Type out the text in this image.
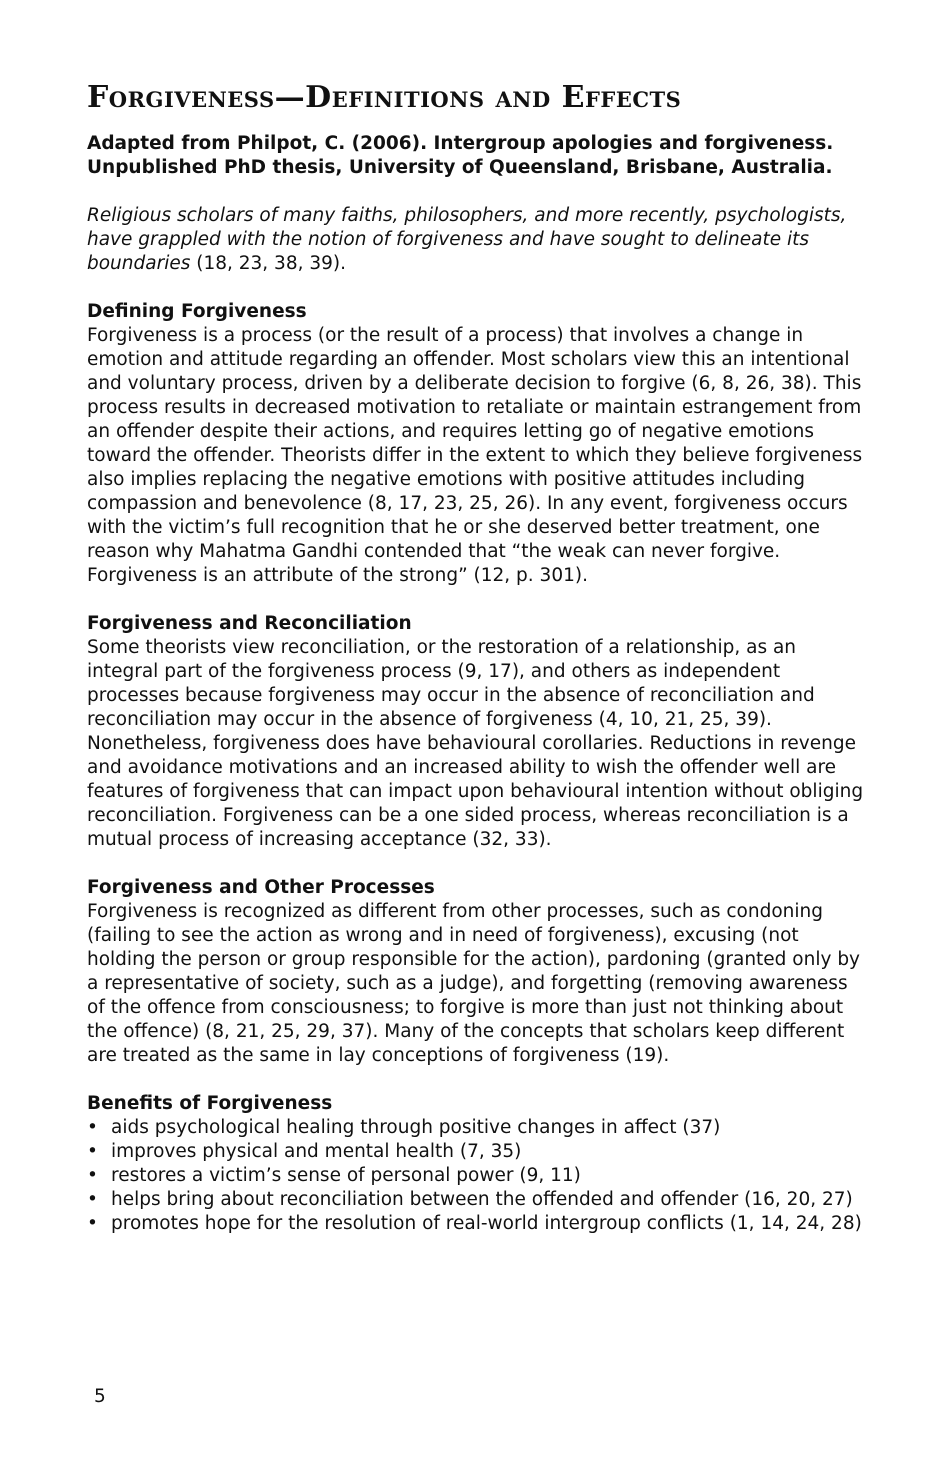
Forgiveness—Definitions and Effects
Adapted from Philpot, C. (2006). Intergroup apologies and forgiveness.
Unpublished PhD thesis, University of Queensland, Brisbane, Australia.

Religious scholars of many faiths, philosophers, and more recently, psychologists, have grappled with the notion of forgiveness and have sought to delineate its boundaries (18, 23, 38, 39).

Defining Forgiveness

Forgiveness is a process (or the result of a process) that involves a change in emotion and attitude regarding an offender. Most scholars view this an intentional and voluntary process, driven by a deliberate decision to forgive (6, 8, 26, 38). This process results in decreased motivation to retaliate or maintain estrangement from an offender despite their actions, and requires letting go of negative emotions toward the offender. Theorists differ in the extent to which they believe forgiveness also implies replacing the negative emotions with positive attitudes including compassion and benevolence (8, 17, 23, 25, 26). In any event, forgiveness occurs with the victim’s full recognition that he or she deserved better treatment, one reason why Mahatma Gandhi contended that “the weak can never forgive. Forgiveness is an attribute of the strong” (12, p. 301).

Forgiveness and Reconciliation

Some theorists view reconciliation, or the restoration of a relationship, as an integral part of the forgiveness process (9, 17), and others as independent processes because forgiveness may occur in the absence of reconciliation and reconciliation may occur in the absence of forgiveness (4, 10, 21, 25, 39). Nonetheless, forgiveness does have behavioural corollaries. Reductions in revenge and avoidance motivations and an increased ability to wish the offender well are features of forgiveness that can impact upon behavioural intention without obliging reconciliation. Forgiveness can be a one sided process, whereas reconciliation is a mutual process of increasing acceptance (32, 33).

Forgiveness and Other Processes

Forgiveness is recognized as different from other processes, such as condoning (failing to see the action as wrong and in need of forgiveness), excusing (not holding the person or group responsible for the action), pardoning (granted only by a representative of society, such as a judge), and forgetting (removing awareness of the offence from consciousness; to forgive is more than just not thinking about the offence) (8, 21, 25, 29, 37). Many of the concepts that scholars keep different are treated as the same in lay conceptions of forgiveness (19).

Benefits of Forgiveness
• aids psychological healing through positive changes in affect (37)
• improves physical and mental health (7, 35)
• restores a victim’s sense of personal power (9, 11)
• helps bring about reconciliation between the offended and offender (16, 20, 27)
• promotes hope for the resolution of real-world intergroup conflicts (1, 14, 24, 28)
5
